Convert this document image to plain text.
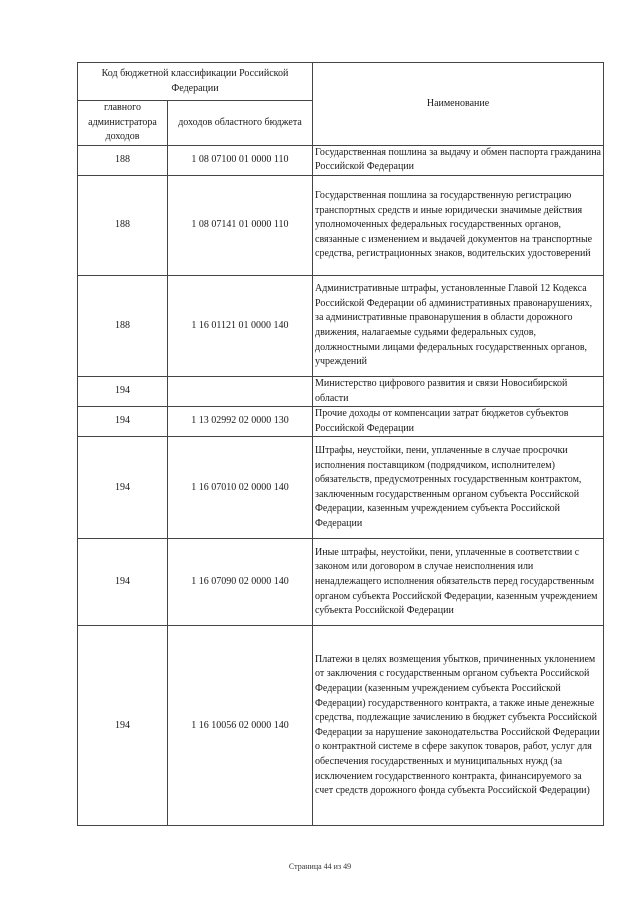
Код бюджетной классификации Российской Федерации		Наименование
главного администратора доходов	доходов областного бюджета	
188	1 08 07100 01 0000 110	Государственная пошлина за выдачу и обмен паспорта гражданина Российской Федерации
188	1 08 07141 01 0000 110	Государственная пошлина за государственную регистрацию транспортных средств и иные юридически значимые действия уполномоченных федеральных государственных органов, связанные с изменением и выдачей документов на транспортные средства, регистрационных знаков, водительских удостоверений
188	1 16 01121 01 0000 140	Административные штрафы, установленные Главой 12 Кодекса Российской Федерации об административных правонарушениях, за административные правонарушения в области дорожного движения, налагаемые судьями федеральных судов, должностными лицами федеральных государственных органов, учреждений
194		Министерство цифрового развития и связи Новосибирской области
194	1 13 02992 02 0000 130	Прочие доходы от компенсации затрат бюджетов субъектов Российской Федерации
194	1 16 07010 02 0000 140	Штрафы, неустойки, пени, уплаченные в случае просрочки исполнения поставщиком (подрядчиком, исполнителем) обязательств, предусмотренных государственным контрактом, заключенным государственным органом субъекта Российской Федерации, казенным учреждением субъекта Российской Федерации
194	1 16 07090 02 0000 140	Иные штрафы, неустойки, пени, уплаченные в соответствии с законом или договором в случае неисполнения или ненадлежащего исполнения обязательств перед государственным органом субъекта Российской Федерации, казенным учреждением субъекта Российской Федерации
194	1 16 10056 02 0000 140	Платежи в целях возмещения убытков, причиненных уклонением от заключения с государственным органом субъекта Российской Федерации (казенным учреждением субъекта Российской Федерации) государственного контракта, а также иные денежные средства, подлежащие зачислению в бюджет субъекта Российской Федерации за нарушение законодательства Российской Федерации о контрактной системе в сфере закупок товаров, работ, услуг для обеспечения государственных и муниципальных нужд (за исключением государственного контракта, финансируемого за счет средств дорожного фонда субъекта Российской Федерации)
Страница 44 из 49
